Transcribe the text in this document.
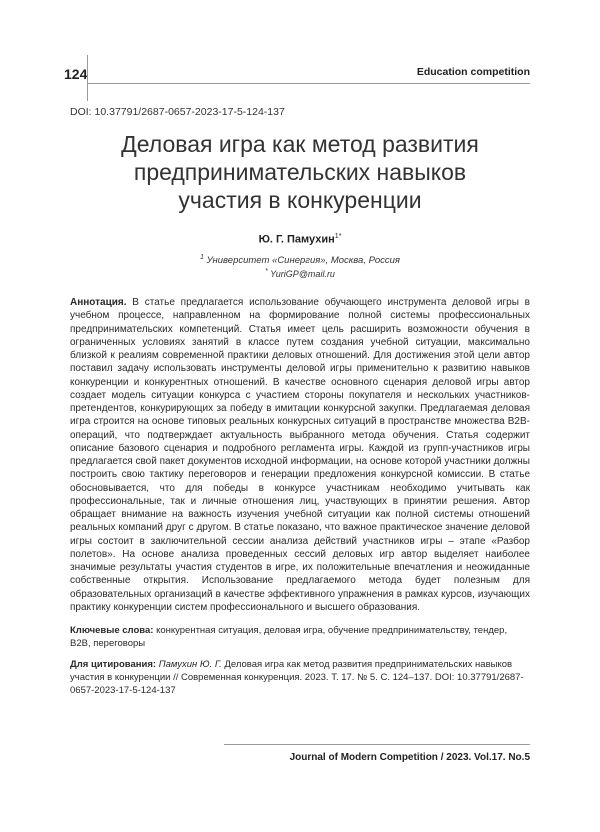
124	Education competition
DOI: 10.37791/2687-0657-2023-17-5-124-137
Деловая игра как метод развития
предпринимательских навыков
участия в конкуренции
Ю. Г. Памухин$^{1*}$
$^1$ Университет «Синергия», Москва, Россия
* YuriGP@mail.ru
Аннотация. В статье предлагается использование обучающего инструмента деловой игры в учебном процессе, направленном на формирование полной системы профессиональных предпринимательских компетенций. Статья имеет цель расширить возможности обучения в ограниченных условиях занятий в классе путем создания учебной ситуации, максимально близкой к реалиям современной практики деловых отношений. Для достижения этой цели автор поставил задачу использовать инструменты деловой игры применительно к развитию навыков конкуренции и конкурентных отношений. В качестве основного сценария деловой игры автор создает модель ситуации конкурса с участием стороны покупателя и нескольких участников-претендентов, конкурирующих за победу в имитации конкурсной закупки. Предлагаемая деловая игра строится на основе типовых реальных конкурсных ситуаций в пространстве множества B2B-операций, что подтверждает актуальность выбранного метода обучения. Статья содержит описание базового сценария и подробного регламента игры. Каждой из групп-участников игры предлагается свой пакет документов исходной информации, на основе которой участники должны построить свою тактику переговоров и генерации предложения конкурсной комиссии. В статье обосновывается, что для победы в конкурсе участникам необходимо учитывать как профессиональные, так и личные отношения лиц, участвующих в принятии решения. Автор обращает внимание на важность изучения учебной ситуации как полной системы отношений реальных компаний друг с другом. В статье показано, что важное практическое значение деловой игры состоит в заключительной сессии анализа действий участников игры – этапе «Разбор полетов». На основе анализа проведенных сессий деловых игр автор выделяет наиболее значимые результаты участия студентов в игре, их положительные впечатления и неожиданные собственные открытия. Использование предлагаемого метода будет полезным для образовательных организаций в качестве эффективного упражнения в рамках курсов, изучающих практику конкуренции систем профессионального и высшего образования.
Ключевые слова: конкурентная ситуация, деловая игра, обучение предпринимательству, тендер, B2B, переговоры
Для цитирования: Памухин Ю. Г. Деловая игра как метод развития предпринимательских навыков участия в конкуренции // Современная конкуренция. 2023. Т. 17. № 5. С. 124–137. DOI: 10.37791/2687-0657-2023-17-5-124-137
Journal of Modern Competition / 2023. Vol.17. No.5
